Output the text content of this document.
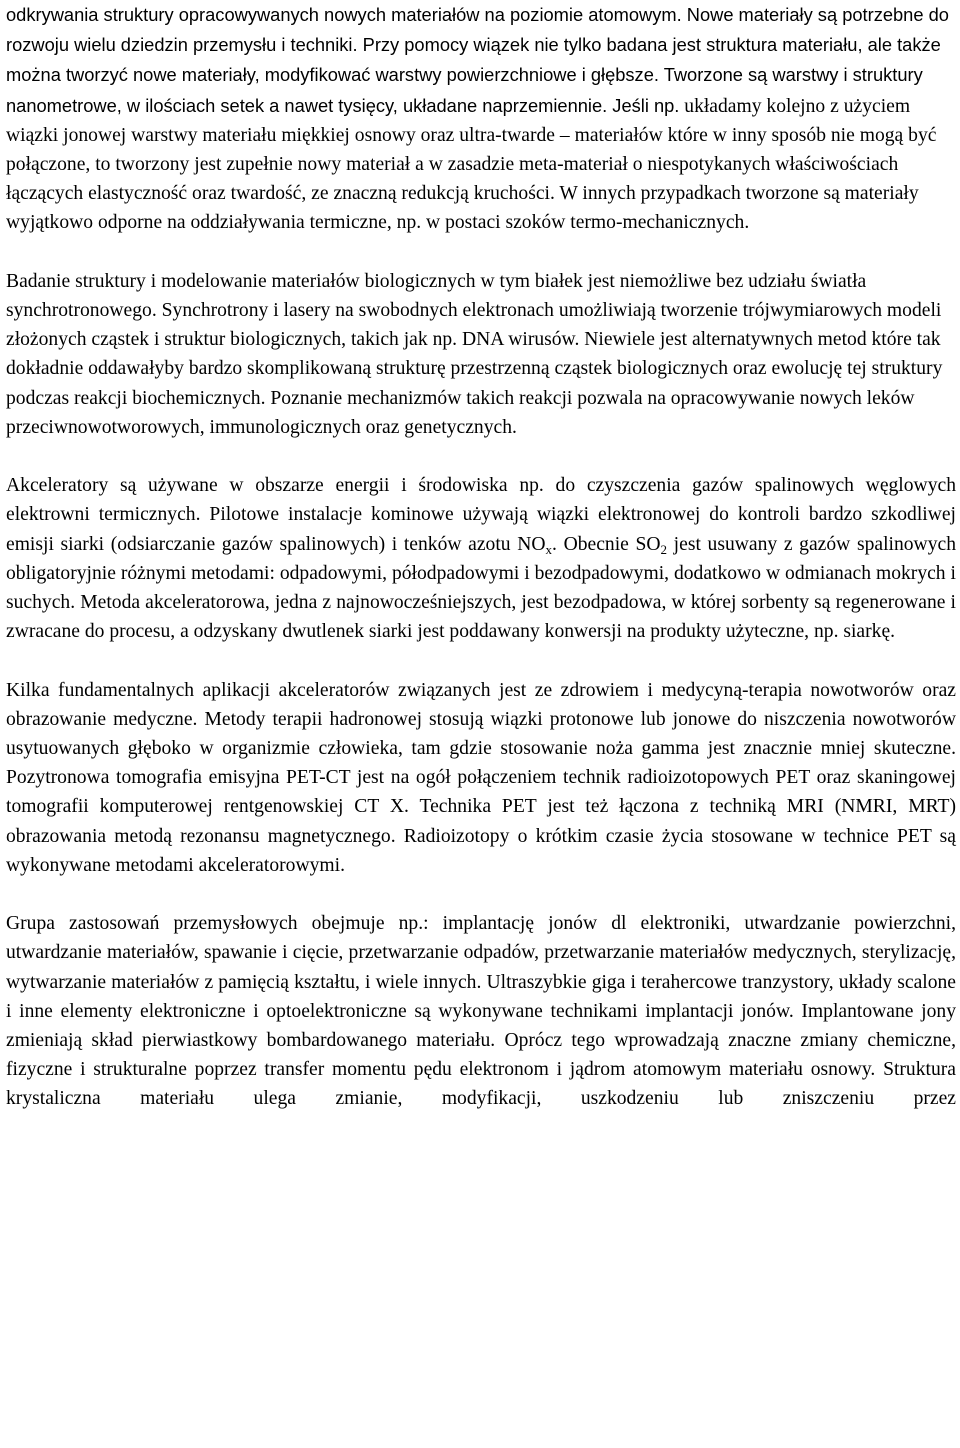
odkrywania struktury opracowywanych nowych materiałów na poziomie atomowym. Nowe materiały są potrzebne do rozwoju wielu dziedzin przemysłu i techniki. Przy pomocy wiązek nie tylko badana jest struktura materiału, ale także można tworzyć nowe materiały, modyfikować warstwy powierzchniowe i głębsze. Tworzone są warstwy i struktury nanometrowe, w ilościach setek a nawet tysięcy, układane naprzemiennie. Jeśli np. układamy kolejno z użyciem wiązki jonowej warstwy materiału miękkiej osnowy oraz ultra-twarde – materiałów które w inny sposób nie mogą być połączone, to tworzony jest zupełnie nowy materiał a w zasadzie meta-materiał o niespotykanych właściwościach łączących elastyczność oraz twardość, ze znaczną redukcją kruchości. W innych przypadkach tworzone są materiały wyjątkowo odporne na oddziaływania termiczne, np. w postaci szoków termo-mechanicznych.

Badanie struktury i modelowanie materiałów biologicznych w tym białek jest niemożliwe bez udziału światła synchrotronowego. Synchrotrony i lasery na swobodnych elektronach umożliwiają tworzenie trójwymiarowych modeli złożonych cząstek i struktur biologicznych, takich jak np. DNA wirusów. Niewiele jest alternatywnych metod które tak dokładnie oddawałyby bardzo skomplikowaną strukturę przestrzenną cząstek biologicznych oraz ewolucję tej struktury podczas reakcji biochemicznych. Poznanie mechanizmów takich reakcji pozwala na opracowywanie nowych leków przeciwnowotworowych, immunologicznych oraz genetycznych.

Akceleratory są używane w obszarze energii i środowiska np. do czyszczenia gazów spalinowych węglowych elektrowni termicznych. Pilotowe instalacje kominowe używają wiązki elektronowej do kontroli bardzo szkodliwej emisji siarki (odsiarczanie gazów spalinowych) i tenków azotu $NO_x$. Obecnie $SO_2$ jest usuwany z gazów spalinowych obligatoryjnie różnymi metodami: odpadowymi, półodpadowymi i bezodpadowymi, dodatkowo w odmianach mokrych i suchych. Metoda akceleratorowa, jedna z najnowocześniejszych, jest bezodpadowa, w której sorbenty są regenerowane i zwracane do procesu, a odzyskany dwutlenek siarki jest poddawany konwersji na produkty użyteczne, np. siarkę.

Kilka fundamentalnych aplikacji akceleratorów związanych jest ze zdrowiem i medycyną-terapia nowotworów oraz obrazowanie medyczne. Metody terapii hadronowej stosują wiązki protonowe lub jonowe do niszczenia nowotworów usytuowanych głęboko w organizmie człowieka, tam gdzie stosowanie noża gamma jest znacznie mniej skuteczne. Pozytronowa tomografia emisyjna PET-CT jest na ogół połączeniem technik radioizotopowych PET oraz skaningowej tomografii komputerowej rentgenowskiej CT X. Technika PET jest też łączona z techniką MRI (NMRI, MRT) obrazowania metodą rezonansu magnetycznego. Radioizotopy o krótkim czasie życia stosowane w technice PET są wykonywane metodami akceleratorowymi.

Grupa zastosowań przemysłowych obejmuje np.: implantację jonów dl elektroniki, utwardzanie powierzchni, utwardzanie materiałów, spawanie i cięcie, przetwarzanie odpadów, przetwarzanie materiałów medycznych, sterylizację, wytwarzanie materiałów z pamięcią kształtu, i wiele innych. Ultraszybkie giga i terahercowe tranzystory, układy scalone i inne elementy elektroniczne i optoelektroniczne są wykonywane technikami implantacji jonów. Implantowane jony zmieniają skład pierwiastkowy bombardowanego materiału. Oprócz tego wprowadzają znaczne zmiany chemiczne, fizyczne i strukturalne poprzez transfer momentu pędu elektronom i jądrom atomowym materiału osnowy. Struktura krystaliczna materiału ulega zmianie, modyfikacji, uszkodzeniu lub zniszczeniu przez
